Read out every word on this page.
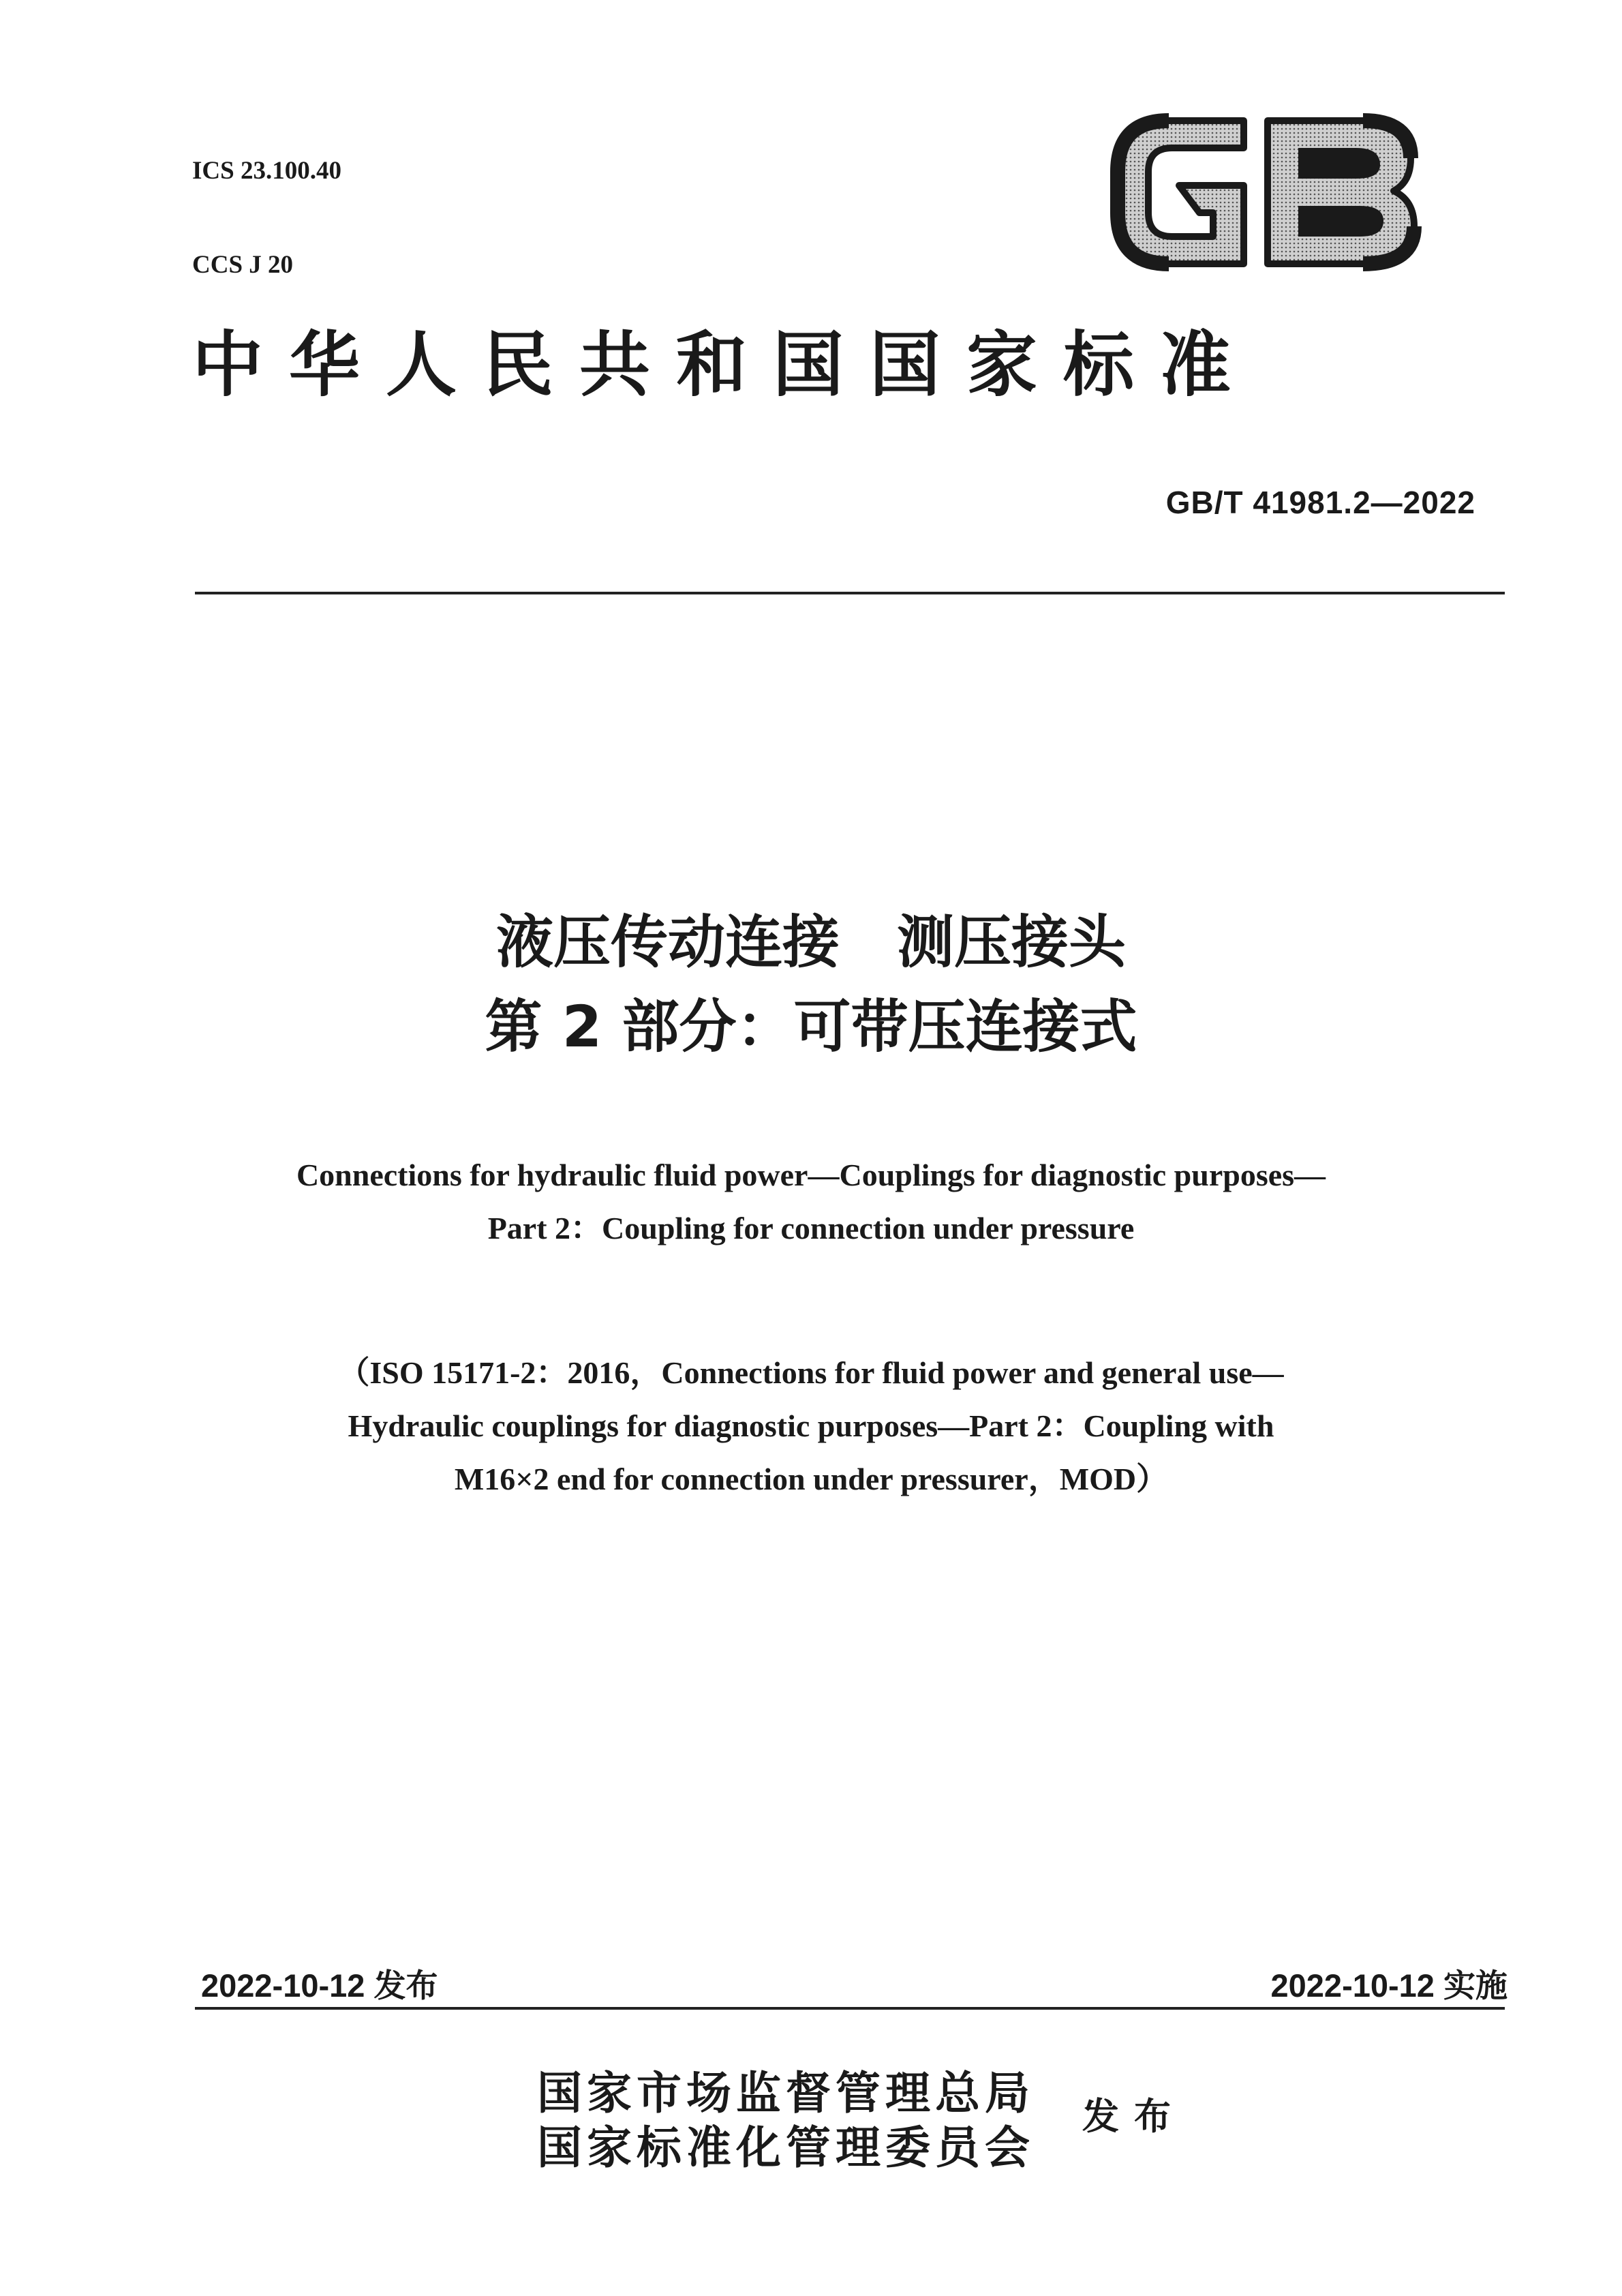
ICS 23.100.40

CCS J 20

GB
中华人民共和国国家标准
GB/T 41981.2—2022
液压传动连接　测压接头
第 2 部分：可带压连接式
Connections for hydraulic fluid power—Couplings for diagnostic purposes—
Part 2：Coupling for connection under pressure
（ISO 15171-2：2016，Connections for fluid power and general use—
Hydraulic couplings for diagnostic purposes—Part 2：Coupling with
M16×2 end for connection under pressurer，MOD）
2022-10-12 发布	2022-10-12 实施
国家市场监督管理总局
国家标准化管理委员会
发布
